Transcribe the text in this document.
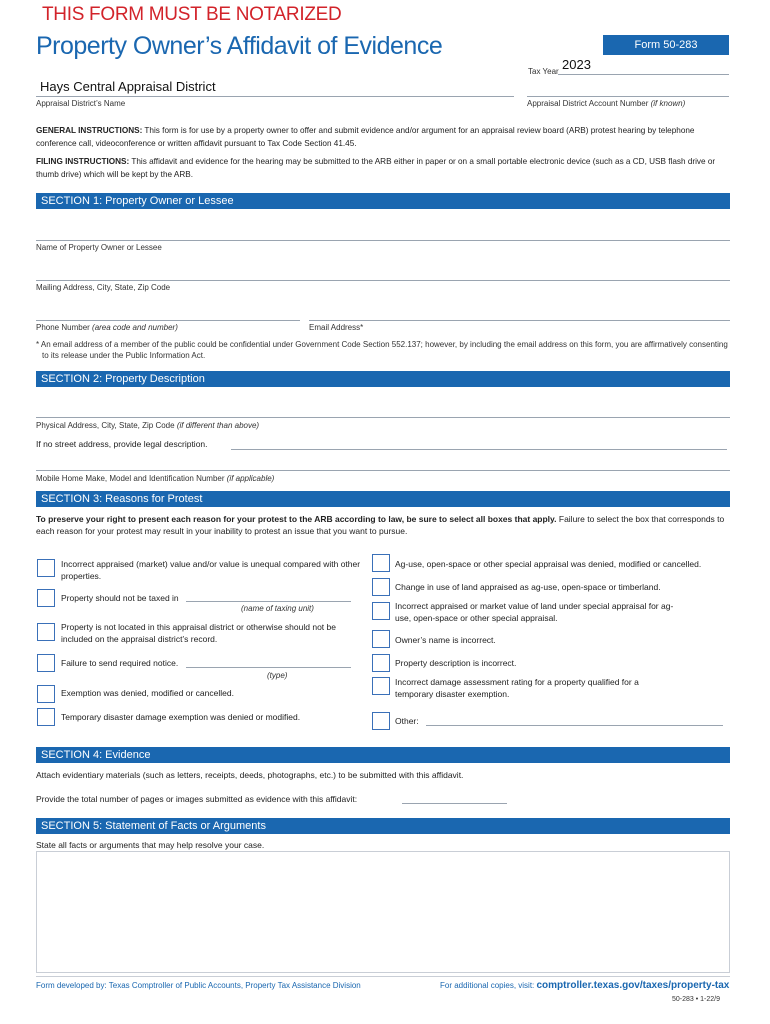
THIS FORM MUST BE NOTARIZED
Property Owner’s Affidavit of Evidence	Form 50-283
Tax Year 2023
Hays Central Appraisal District
Appraisal District’s Name	Appraisal District Account Number (if known)
GENERAL INSTRUCTIONS: This form is for use by a property owner to offer and submit evidence and/or argument for an appraisal review board (ARB) protest hearing by telephone conference call, videoconference or written affidavit pursuant to Tax Code Section 41.45.
FILING INSTRUCTIONS: This affidavit and evidence for the hearing may be submitted to the ARB either in paper or on a small portable electronic device (such as a CD, USB flash drive or thumb drive) which will be kept by the ARB.
SECTION 1: Property Owner or Lessee
Name of Property Owner or Lessee
Mailing Address, City, State, Zip Code
Phone Number (area code and number)	Email Address*
* An email address of a member of the public could be confidential under Government Code Section 552.137; however, by including the email address on this form, you are affirmatively consenting to its release under the Public Information Act.
SECTION 2: Property Description
Physical Address, City, State, Zip Code (if different than above)
If no street address, provide legal description.
Mobile Home Make, Model and Identification Number (if applicable)
SECTION 3: Reasons for Protest
To preserve your right to present each reason for your protest to the ARB according to law, be sure to select all boxes that apply. Failure to select the box that corresponds to each reason for your protest may result in your inability to protest an issue that you want to pursue.
Incorrect appraised (market) value and/or value is unequal compared with other properties.
Property should not be taxed in
(name of taxing unit)
Property is not located in this appraisal district or otherwise should not be included on the appraisal district’s record.
Failure to send required notice.
(type)
Exemption was denied, modified or cancelled.
Temporary disaster damage exemption was denied or modified.
Ag-use, open-space or other special appraisal was denied, modified or cancelled.
Change in use of land appraised as ag-use, open-space or timberland.
Incorrect appraised or market value of land under special appraisal for ag-use, open-space or other special appraisal.
Owner’s name is incorrect.
Property description is incorrect.
Incorrect damage assessment rating for a property qualified for a temporary disaster exemption.
Other:
SECTION 4: Evidence
Attach evidentiary materials (such as letters, receipts, deeds, photographs, etc.) to be submitted with this affidavit.
Provide the total number of pages or images submitted as evidence with this affidavit:
SECTION 5: Statement of Facts or Arguments
State all facts or arguments that may help resolve your case.
Form developed by: Texas Comptroller of Public Accounts, Property Tax Assistance Division	For additional copies, visit: comptroller.texas.gov/taxes/property-tax
50-283 • 1-22/9
